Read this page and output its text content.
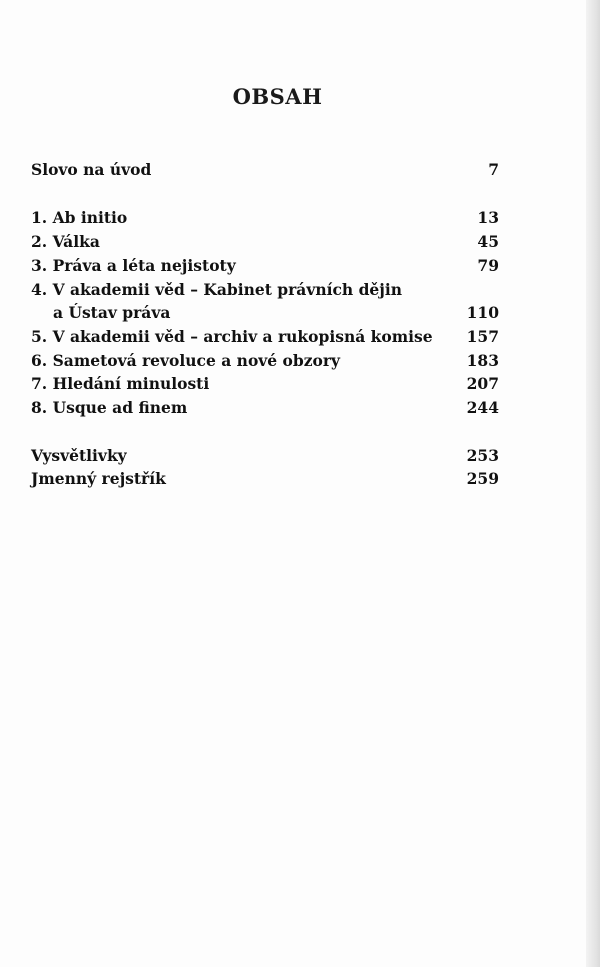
OBSAH
Slovo na úvod	7
1. Ab initio	13
2. Válka	45
3. Práva a léta nejistoty	79
4. V akademii věd – Kabinet právních dějin
a Ústav práva	110
5. V akademii věd – archiv a rukopisná komise 157
6. Sametová revoluce a nové obzory	183
7. Hledání minulosti	207
8. Usque ad finem	244
Vysvětlivky	253
Jmenný rejstřík	259
